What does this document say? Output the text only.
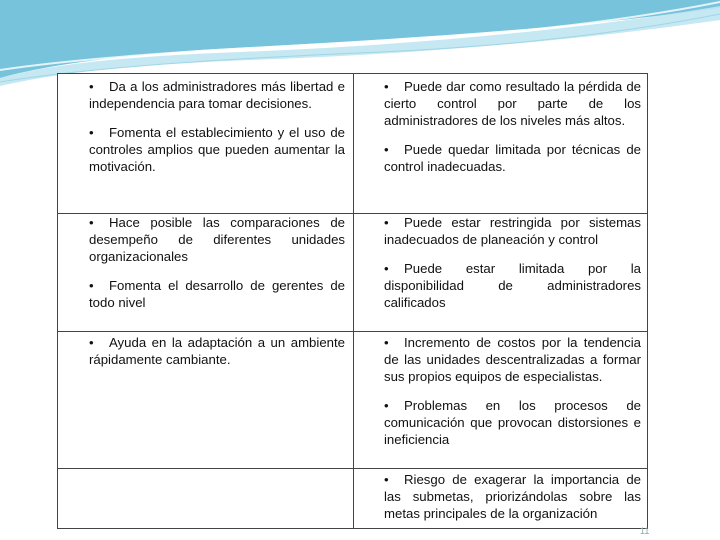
• Da a los administradores más libertad e independencia para tomar decisiones.

• Fomenta el establecimiento y el uso de controles amplios que pueden aumentar la motivación.

• Puede dar como resultado la pérdida de cierto control por parte de los administradores de los niveles más altos.

• Puede quedar limitada por técnicas de control inadecuadas.

• Hace posible las comparaciones de desempeño de diferentes unidades organizacionales

• Fomenta el desarrollo de gerentes de todo nivel

• Puede estar restringida por sistemas inadecuados de planeación y control

• Puede estar limitada por la disponibilidad de administradores calificados

• Ayuda en la adaptación a un ambiente rápidamente cambiante.

• Incremento de costos por la tendencia de las unidades descentralizadas a formar sus propios equipos de especialistas.

• Problemas en los procesos de comunicación que provocan distorsiones e ineficiencia

• Riesgo de exagerar la importancia de las submetas, priorizándolas sobre las metas principales de la organización

11
